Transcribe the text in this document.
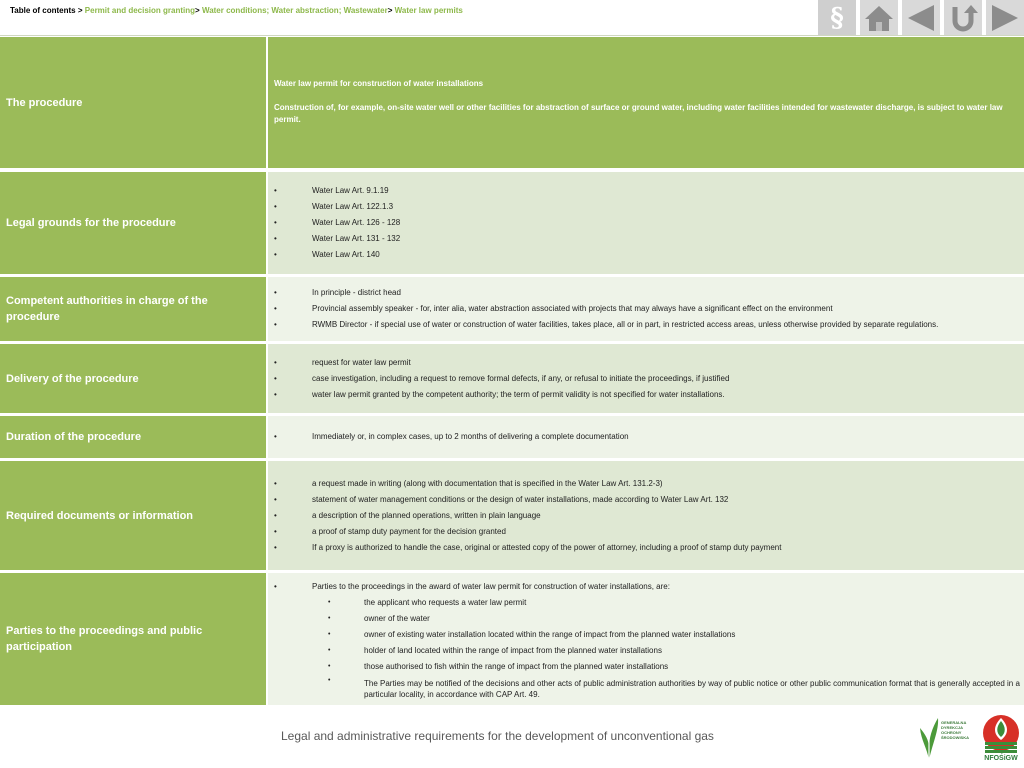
Table of contents > Permit and decision granting> Water conditions; Water abstraction; Wastewater> Water law permits	§
The procedure
Water law permit for construction of water installations
Construction of, for example, on-site water well or other facilities for abstraction of surface or ground water, including water facilities intended for wastewater discharge, is subject to water law permit.
Legal grounds for the procedure
• Water Law Art. 9.1.19
• Water Law Art. 122.1.3
• Water Law Art. 126 - 128
• Water Law Art. 131 - 132
• Water Law Art. 140
Competent authorities in charge of the procedure
• In principle - district head
• Provincial assembly speaker - for, inter alia, water abstraction associated with projects that may always have a significant effect on the environment
• RWMB Director - if special use of water or construction of water facilities, takes place, all or in part, in restricted access areas, unless otherwise provided by separate regulations.
Delivery of the procedure
• request for water law permit
• case investigation, including a request to remove formal defects, if any, or refusal to initiate the proceedings, if justified
• water law permit granted by the competent authority; the term of permit validity is not specified for water installations.
Duration of the procedure
•	Immediately or, in complex cases, up to 2 months of delivering a complete documentation
Required documents or information
• a request made in writing (along with documentation that is specified in the Water Law Art. 131.2-3)
• statement of water management conditions or the design of water installations, made according to Water Law Art. 132
• a description of the planned operations, written in plain language
• a proof of stamp duty payment for the decision granted
• If a proxy is authorized to handle the case, original or attested copy of the power of attorney, including a proof of stamp duty payment
Parties to the proceedings and public participation
• Parties to the proceedings in the award of water law permit for construction of water installations, are:
• the applicant who requests a water law permit
• owner of the water
• owner of existing water installation located within the range of impact from the planned water installations
• holder of land located within the range of impact from the planned water installations
• those authorised to fish within the range of impact from the planned water installations
• The Parties may be notified of the decisions and other acts of public administration authorities by way of public notice or other public communication format that is generally accepted in a particular locality, in accordance with CAP Art. 49.
Legal and administrative requirements for the development of unconventional gas
GENERALNA
DYREKCJA
OCHRONY
ŚRODOWISKA
NFOŚiGW
